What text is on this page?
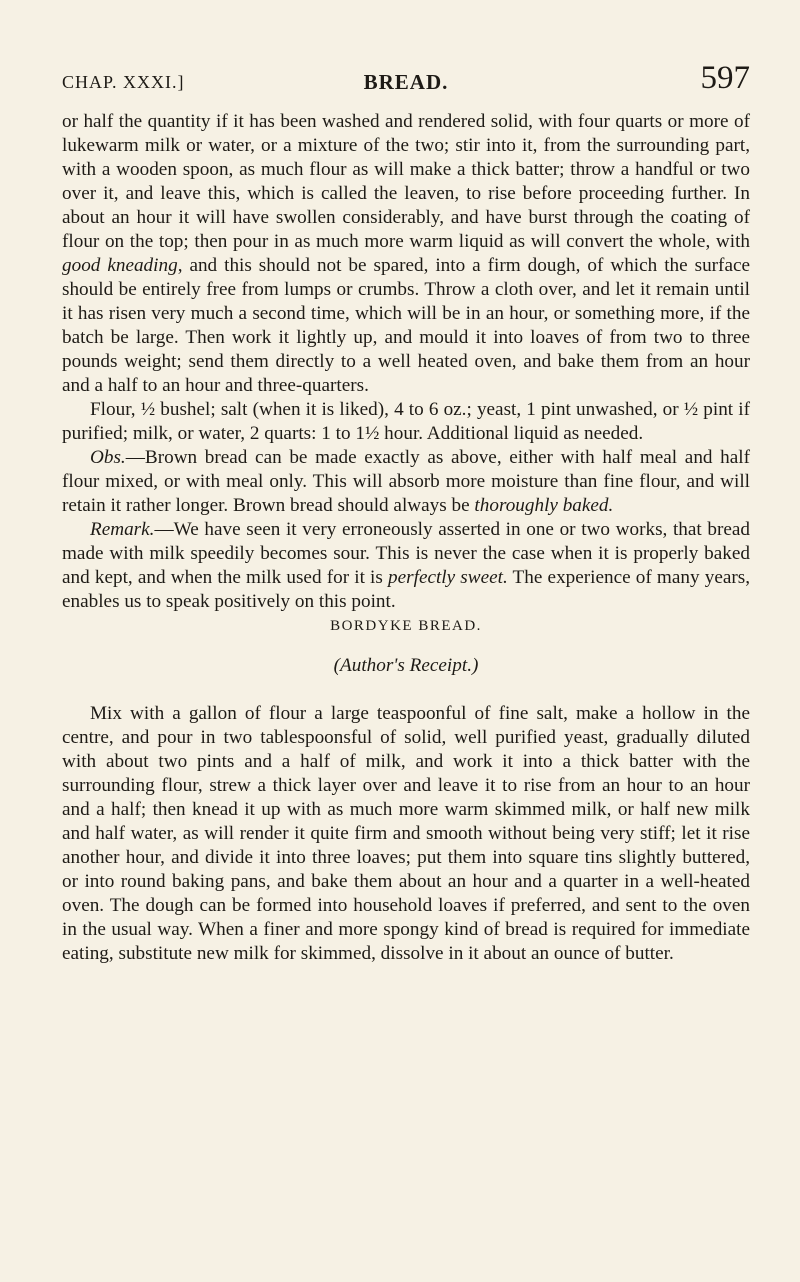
CHAP. XXXI.]	BREAD.	597

or half the quantity if it has been washed and rendered solid, with four quarts or more of lukewarm milk or water, or a mixture of the two; stir into it, from the surrounding part, with a wooden spoon, as much flour as will make a thick batter; throw a handful or two over it, and leave this, which is called the leaven, to rise before proceeding further. In about an hour it will have swollen considerably, and have burst through the coating of flour on the top; then pour in as much more warm liquid as will convert the whole, with good kneading, and this should not be spared, into a firm dough, of which the surface should be entirely free from lumps or crumbs. Throw a cloth over, and let it remain until it has risen very much a second time, which will be in an hour, or something more, if the batch be large. Then work it lightly up, and mould it into loaves of from two to three pounds weight; send them directly to a well heated oven, and bake them from an hour and a half to an hour and three-quarters.

Flour, ½ bushel; salt (when it is liked), 4 to 6 oz.; yeast, 1 pint unwashed, or ½ pint if purified; milk, or water, 2 quarts: 1 to 1½ hour. Additional liquid as needed.

Obs.—Brown bread can be made exactly as above, either with half meal and half flour mixed, or with meal only. This will absorb more moisture than fine flour, and will retain it rather longer. Brown bread should always be thoroughly baked.

Remark.—We have seen it very erroneously asserted in one or two works, that bread made with milk speedily becomes sour. This is never the case when it is properly baked and kept, and when the milk used for it is perfectly sweet. The experience of many years, enables us to speak positively on this point.

BORDYKE BREAD.

(Author's Receipt.)

Mix with a gallon of flour a large teaspoonful of fine salt, make a hollow in the centre, and pour in two tablespoonsful of solid, well purified yeast, gradually diluted with about two pints and a half of milk, and work it into a thick batter with the surrounding flour, strew a thick layer over and leave it to rise from an hour to an hour and a half; then knead it up with as much more warm skimmed milk, or half new milk and half water, as will render it quite firm and smooth without being very stiff; let it rise another hour, and divide it into three loaves; put them into square tins slightly buttered, or into round baking pans, and bake them about an hour and a quarter in a well-heated oven. The dough can be formed into household loaves if preferred, and sent to the oven in the usual way. When a finer and more spongy kind of bread is required for immediate eating, substitute new milk for skimmed, dissolve in it about an ounce of butter.
